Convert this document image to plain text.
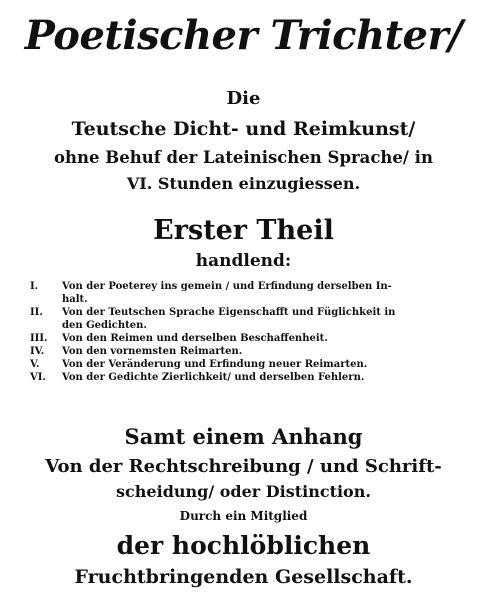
Poetischer Trichter/
Die
Teutsche Dicht- und Reimkunst/
ohne Behuf der Lateinischen Sprache/ in
VI. Stunden einzugiessen.
Erster Theil
handlend:
I. Von der Poeterey ins gemein / und Erfindung derselben In-
halt.
II. Von der Teutschen Sprache Eigenschafft und Füglichkeit in
den Gedichten.
III. Von den Reimen und derselben Beschaffenheit.
IV. Von den vornemsten Reimarten.
V. Von der Veränderung und Erfindung neuer Reimarten.
VI. Von der Gedichte Zierlichkeit/ und derselben Fehlern.
Samt einem Anhang
Von der Rechtschreibung / und Schrift-
scheidung/ oder Distinction.
Durch ein Mitglied
der hochlöblichen
Fruchtbringenden Gesellschaft.
